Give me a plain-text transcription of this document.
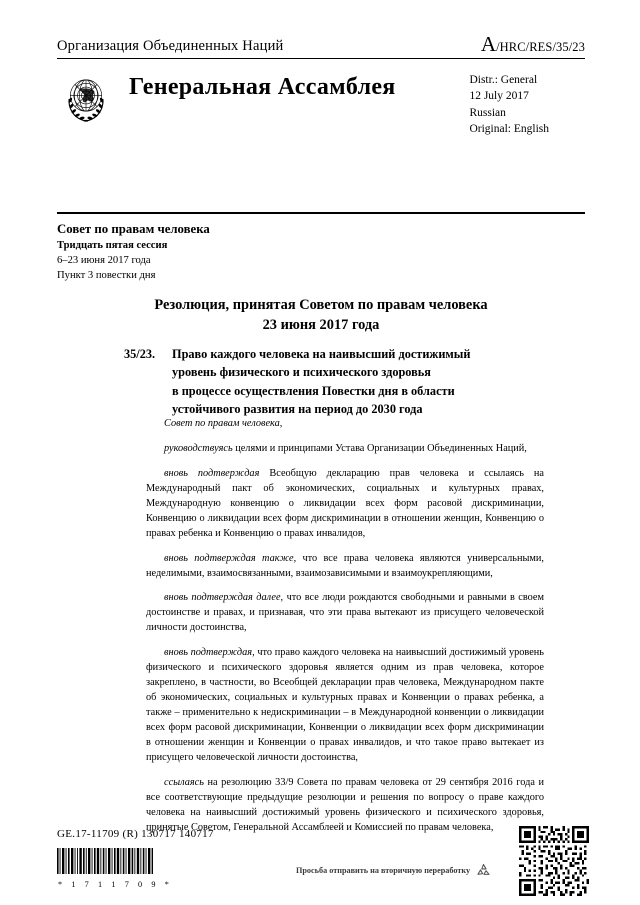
Организация Объединенных Наций	A/HRC/RES/35/23
Генеральная Ассамблея	Distr.: General
12 July 2017
Russian
Original: English
Совет по правам человека
Тридцать пятая сессия
6–23 июня 2017 года
Пункт 3 повестки дня
Резолюция, принятая Советом по правам человека
23 июня 2017 года
35/23.	Право каждого человека на наивысший достижимый
уровень физического и психического здоровья
в процессе осуществления Повестки дня в области
устойчивого развития на период до 2030 года

Совет по правам человека,

руководствуясь целями и принципами Устава Организации Объединенных Наций,

вновь подтверждая Всеобщую декларацию прав человека и ссылаясь на Международный пакт об экономических, социальных и культурных правах, Международную конвенцию о ликвидации всех форм расовой дискриминации, Конвенцию о ликвидации всех форм дискриминации в отношении женщин, Конвенцию о правах ребенка и Конвенцию о правах инвалидов,

вновь подтверждая также, что все права человека являются универсальными, неделимыми, взаимосвязанными, взаимозависимыми и взаимоукрепляющими,

вновь подтверждая далее, что все люди рождаются свободными и равными в своем достоинстве и правах, и признавая, что эти права вытекают из присущего человеческой личности достоинства,

вновь подтверждая, что право каждого человека на наивысший достижимый уровень физического и психического здоровья является одним из прав человека, которое закреплено, в частности, во Всеобщей декларации прав человека, Международном пакте об экономических, социальных и культурных правах и Конвенции о правах ребенка, а также – применительно к недискриминации – в Международной конвенции о ликвидации всех форм расовой дискриминации, Конвенции о ликвидации всех форм дискриминации в отношении женщин и Конвенции о правах инвалидов, и что такое право вытекает из присущего человеческой личности достоинства,

ссылаясь на резолюцию 33/9 Совета по правам человека от 29 сентября 2016 года и все соответствующие предыдущие резолюции и решения по вопросу о праве каждого человека на наивысший достижимый уровень физического и психического здоровья, принятые Советом, Генеральной Ассамблеей и Комиссией по правам человека,

GE.17-11709 (R) 130717 140717
* 1 7 1 1 7 0 9 *
Просьба отправить на вторичную переработку
